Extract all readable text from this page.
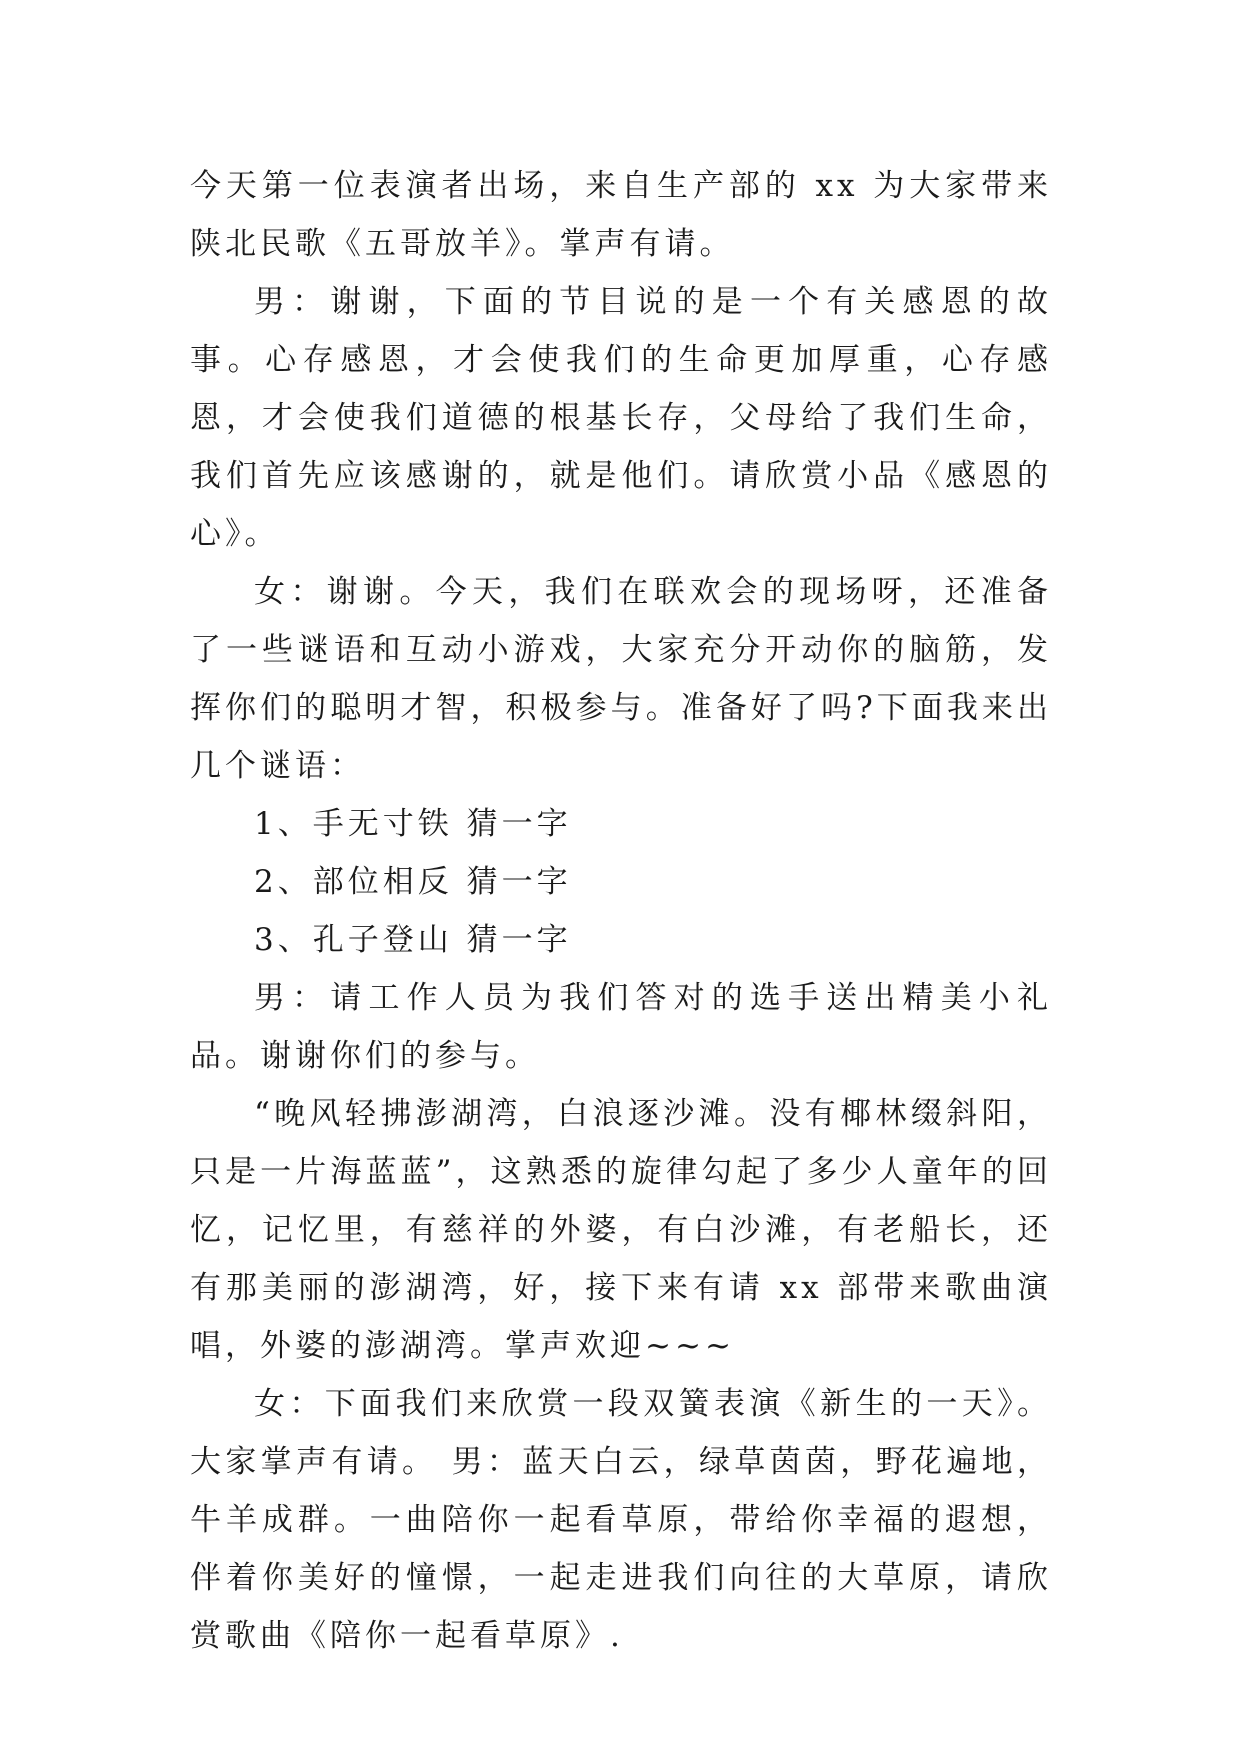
今天第一位表演者出场，来自生产部的 xx 为大家带来陕北民歌《五哥放羊》。掌声有请。

男：谢谢，下面的节目说的是一个有关感恩的故事。心存感恩，才会使我们的生命更加厚重，心存感恩，才会使我们道德的根基长存，父母给了我们生命，我们首先应该感谢的，就是他们。请欣赏小品《感恩的心》。

女：谢谢。今天，我们在联欢会的现场呀，还准备了一些谜语和互动小游戏，大家充分开动你的脑筋，发挥你们的聪明才智，积极参与。准备好了吗?下面我来出几个谜语：

1、手无寸铁 猜一字

2、部位相反 猜一字

3、孔子登山 猜一字

男：请工作人员为我们答对的选手送出精美小礼品。谢谢你们的参与。

“晚风轻拂澎湖湾，白浪逐沙滩。没有椰林缀斜阳，只是一片海蓝蓝”，这熟悉的旋律勾起了多少人童年的回忆，记忆里，有慈祥的外婆，有白沙滩，有老船长，还有那美丽的澎湖湾，好，接下来有请 xx 部带来歌曲演唱，外婆的澎湖湾。掌声欢迎~~~

女：下面我们来欣赏一段双簧表演《新生的一天》。大家掌声有请。 男：蓝天白云，绿草茵茵，野花遍地，牛羊成群。一曲陪你一起看草原，带给你幸福的遐想，伴着你美好的憧憬，一起走进我们向往的大草原，请欣赏歌曲《陪你一起看草原》.
